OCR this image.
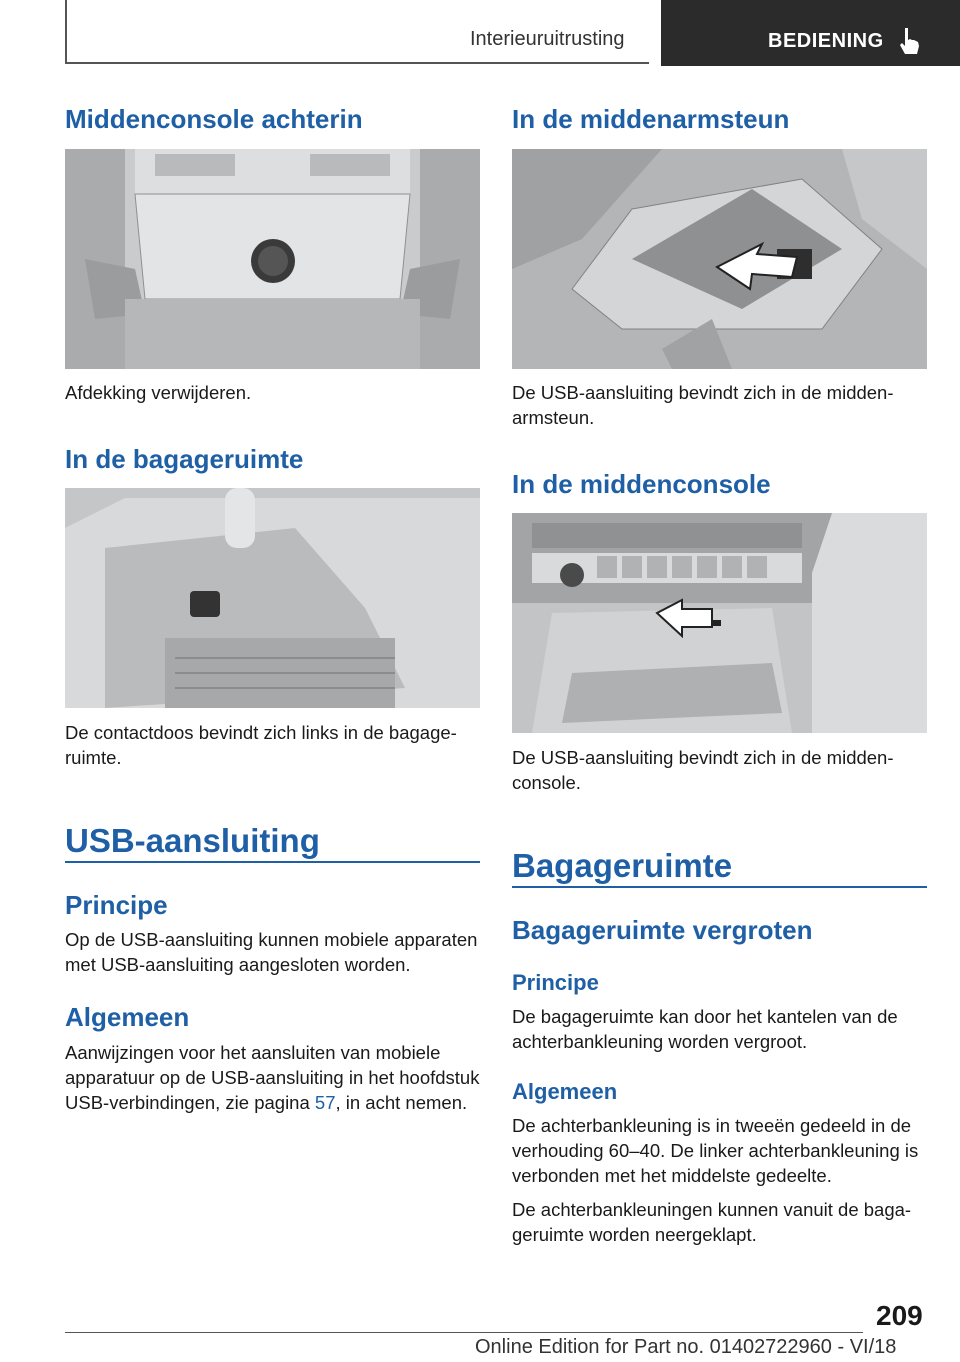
Interieuruitrusting	BEDIENING
Middenconsole achterin

Afdekking verwijderen.

In de bagageruimte

De contactdoos bevindt zich links in de bagageruimte.

USB-aansluiting
Principe

Op de USB-aansluiting kunnen mobiele apparaten met USB-aansluiting aangesloten worden.

Algemeen

Aanwijzingen voor het aansluiten van mobiele apparatuur op de USB-aansluiting in het hoofdstuk USB-verbindingen, zie pagina 57, in acht nemen.

In de middenarmsteun

De USB-aansluiting bevindt zich in de middenarmsteun.

In de middenconsole

De USB-aansluiting bevindt zich in de middenconsole.

Bagageruimte
Bagageruimte vergroten
Principe

De bagageruimte kan door het kantelen van de achterbankleuning worden vergroot.

Algemeen

De achterbankleuning is in tweeën gedeeld in de verhouding 60–40. De linker achterbankleuning is verbonden met het middelste gedeelte.

De achterbankleuningen kunnen vanuit de bagageruimte worden neergeklapt.

209
Online Edition for Part no. 01402722960 - VI/18
